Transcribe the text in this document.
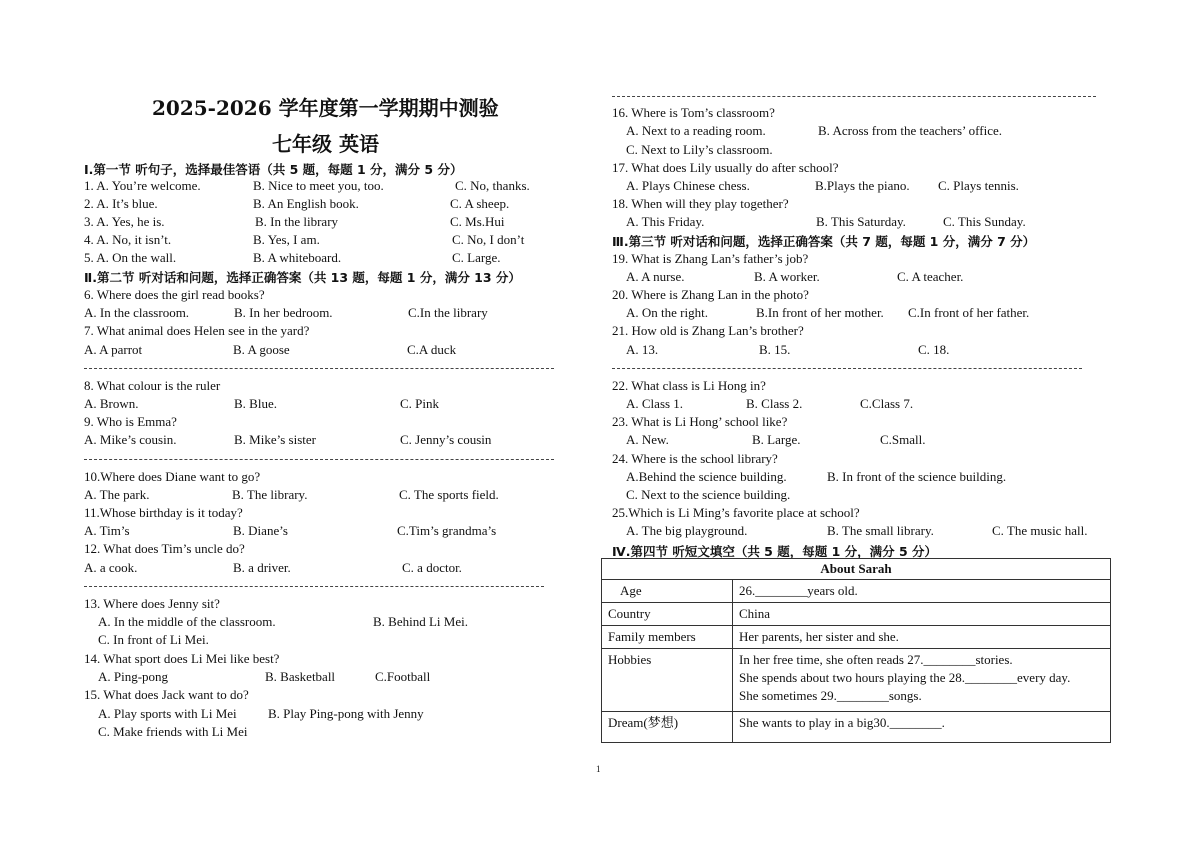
2025-2026 学年度第一学期期中测验
七年级 英语
Ⅰ.第一节 听句子，选择最佳答语（共 5 题，每题 1 分，满分 5 分）
1. A. You’re welcome.	B. Nice to meet you, too.	C. No, thanks.
2. A. It’s blue.	B. An English book.	C. A sheep.
3. A. Yes, he is.	B. In the library	C. Ms.Hui
4. A. No, it isn’t.	B. Yes, I am.	C. No, I don’t
5. A. On the wall.	B. A whiteboard.	C. Large.
Ⅱ.第二节 听对话和问题，选择正确答案（共 13 题，每题 1 分，满分 13 分）
6. Where does the girl read books?
A. In the classroom.	B. In her bedroom.	C.In the library
7. What animal does Helen see in the yard?
A. A parrot	B. A goose	C.A duck
8. What colour is the ruler
A. Brown.	B. Blue.	C. Pink
9. Who is Emma?
A. Mike’s cousin.	B. Mike’s sister	C. Jenny’s cousin
10.Where does Diane want to go?
A. The park.	B. The library.	C. The sports field.
11.Whose birthday is it today?
A. Tim’s	B. Diane’s	C.Tim’s grandma’s
12. What does Tim’s uncle do?
A. a cook.	B. a driver.	C. a doctor.
13. Where does Jenny sit?
A. In the middle of the classroom.	B. Behind Li Mei.
C. In front of Li Mei.
14. What sport does Li Mei like best?
A. Ping-pong	B. Basketball	C.Football
15. What does Jack want to do?
A. Play sports with Li Mei B. Play Ping-pong with Jenny
C. Make friends with Li Mei
16. Where is Tom’s classroom?
A. Next to a reading room.	B. Across from the teachers’ office.
C. Next to Lily’s classroom.
17. What does Lily usually do after school?
A. Plays Chinese chess.	B.Plays the piano. C. Plays tennis.
18. When will they play together?
A. This Friday.	B. This Saturday.	C. This Sunday.
Ⅲ.第三节 听对话和问题，选择正确答案（共 7 题，每题 1 分，满分 7 分）
19. What is Zhang Lan’s father’s job?
A. A nurse.	B. A worker.	C. A teacher.
20. Where is Zhang Lan in the photo?
A. On the right.	B.In front of her mother. C.In front of her father.
21. How old is Zhang Lan’s brother?
A. 13.	B. 15.	C. 18.
22. What class is Li Hong in?
A. Class 1.	B. Class 2.	C.Class 7.
23. What is Li Hong’ school like?
A. New.	B. Large.	C.Small.
24. Where is the school library?
A.Behind the science building.	B. In front of the science building.
C. Next to the science building.
25.Which is Li Ming’s favorite place at school?
A. The big playground.	B. The small library.	C. The music hall.
Ⅳ.第四节 听短文填空（共 5 题，每题 1 分，满分 5 分）
About Sarah	
Age	26.________years old.
Country	China
Family members	Her parents, her sister and she.
Hobbies	In her free time, she often reads 27.________stories.
She spends about two hours playing the 28.________every day.
She sometimes 29.________songs.

Dream(梦想)	She wants to play in a big30.________.
1
